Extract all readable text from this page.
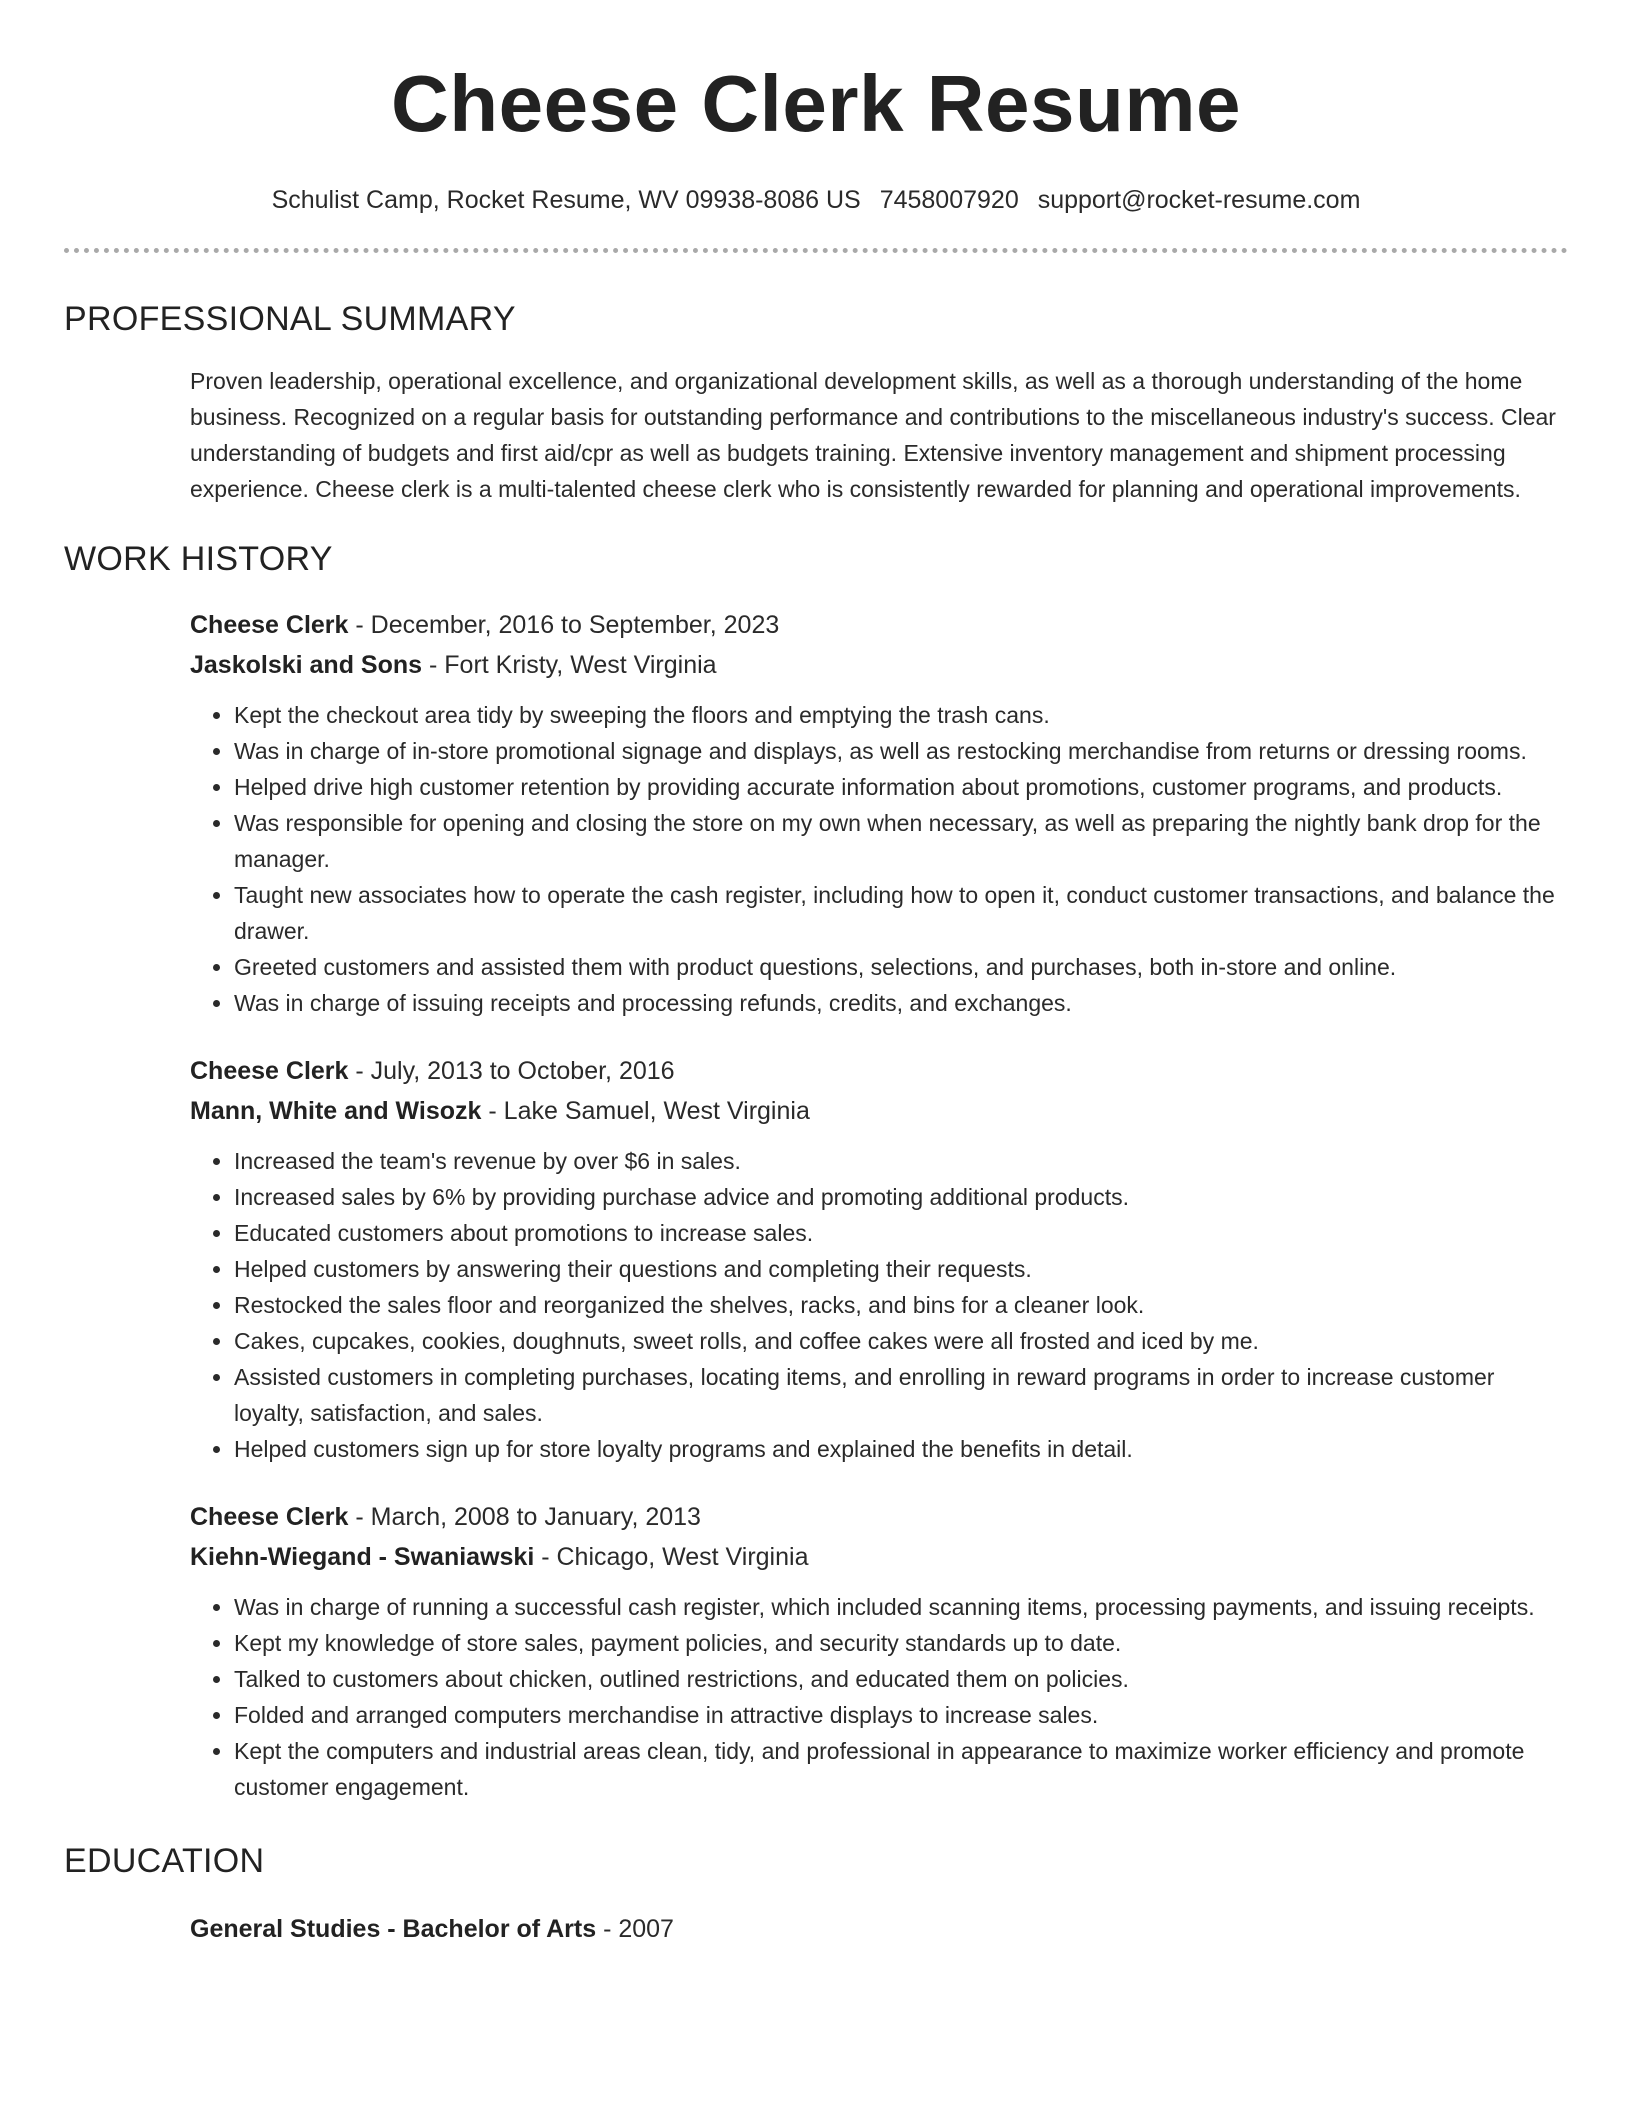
Cheese Clerk Resume
Schulist Camp, Rocket Resume, WV 09938-8086 US 7458007920 support@rocket-resume.com
PROFESSIONAL SUMMARY

Proven leadership, operational excellence, and organizational development skills, as well as a thorough understanding of the home business. Recognized on a regular basis for outstanding performance and contributions to the miscellaneous industry's success. Clear understanding of budgets and first aid/cpr as well as budgets training. Extensive inventory management and shipment processing experience. Cheese clerk is a multi-talented cheese clerk who is consistently rewarded for planning and operational improvements.

WORK HISTORY
Cheese Clerk - December, 2016 to September, 2023
Jaskolski and Sons - Fort Kristy, West Virginia
• Kept the checkout area tidy by sweeping the floors and emptying the trash cans.
• Was in charge of in-store promotional signage and displays, as well as restocking merchandise from returns or dressing rooms.
• Helped drive high customer retention by providing accurate information about promotions, customer programs, and products.
• Was responsible for opening and closing the store on my own when necessary, as well as preparing the nightly bank drop for the manager.
• Taught new associates how to operate the cash register, including how to open it, conduct customer transactions, and balance the drawer.
• Greeted customers and assisted them with product questions, selections, and purchases, both in-store and online.
• Was in charge of issuing receipts and processing refunds, credits, and exchanges.
Cheese Clerk - July, 2013 to October, 2016
Mann, White and Wisozk - Lake Samuel, West Virginia
• Increased the team's revenue by over $6 in sales.
• Increased sales by 6% by providing purchase advice and promoting additional products.
• Educated customers about promotions to increase sales.
• Helped customers by answering their questions and completing their requests.
• Restocked the sales floor and reorganized the shelves, racks, and bins for a cleaner look.
• Cakes, cupcakes, cookies, doughnuts, sweet rolls, and coffee cakes were all frosted and iced by me.
• Assisted customers in completing purchases, locating items, and enrolling in reward programs in order to increase customer loyalty, satisfaction, and sales.
• Helped customers sign up for store loyalty programs and explained the benefits in detail.
Cheese Clerk - March, 2008 to January, 2013
Kiehn-Wiegand - Swaniawski - Chicago, West Virginia
• Was in charge of running a successful cash register, which included scanning items, processing payments, and issuing receipts.
• Kept my knowledge of store sales, payment policies, and security standards up to date.
• Talked to customers about chicken, outlined restrictions, and educated them on policies.
• Folded and arranged computers merchandise in attractive displays to increase sales.
• Kept the computers and industrial areas clean, tidy, and professional in appearance to maximize worker efficiency and promote customer engagement.
EDUCATION
General Studies - Bachelor of Arts - 2007
